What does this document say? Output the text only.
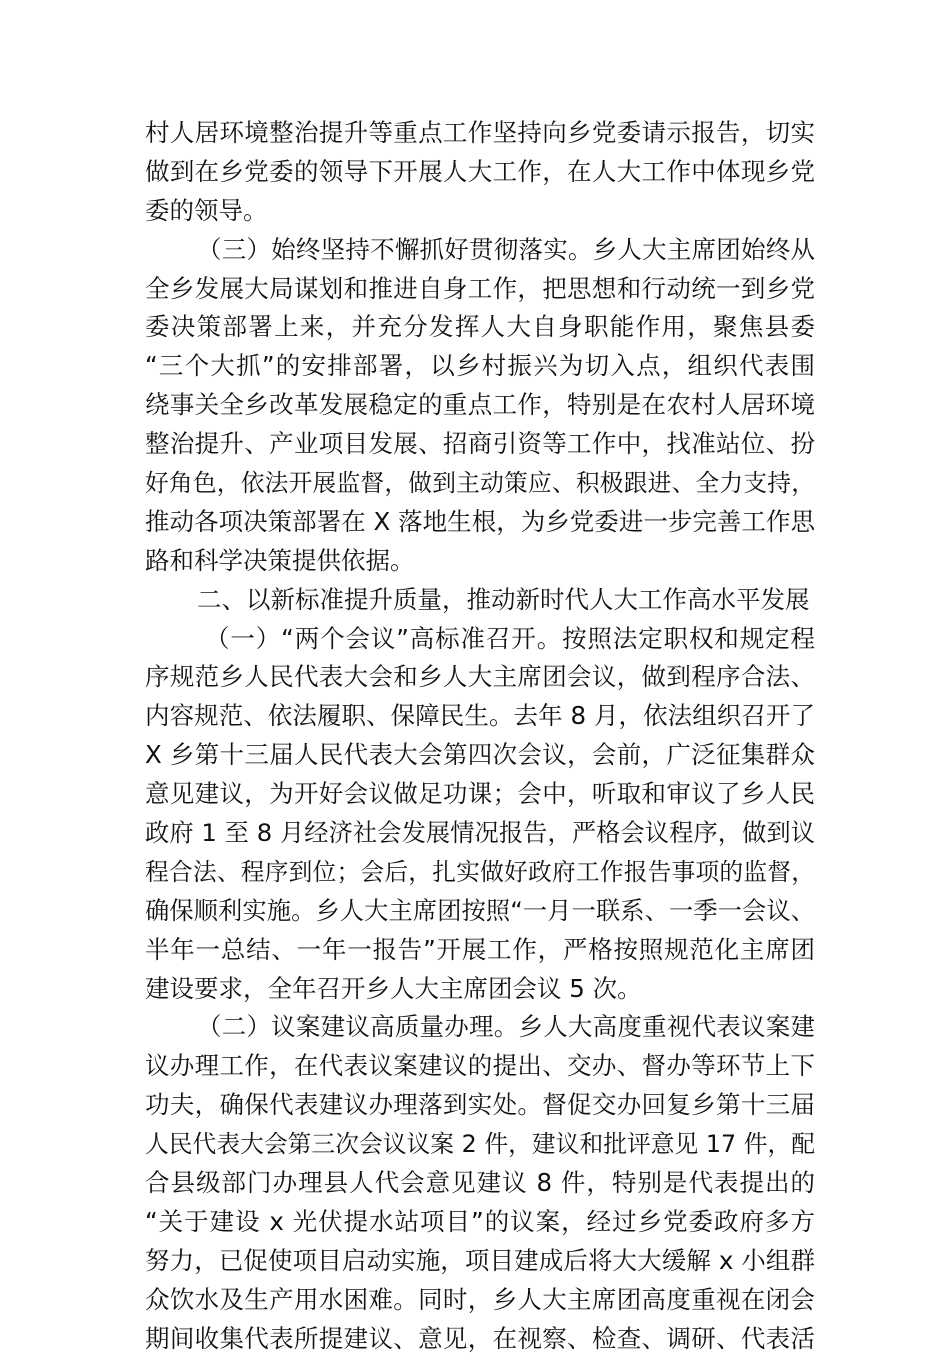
村人居环境整治提升等重点工作坚持向乡党委请示报告，切实
做到在乡党委的领导下开展人大工作，在人大工作中体现乡党
委的领导。
（三）始终坚持不懈抓好贯彻落实。乡人大主席团始终从
全乡发展大局谋划和推进自身工作，把思想和行动统一到乡党
委决策部署上来，并充分发挥人大自身职能作用，聚焦县委
“三个大抓”的安排部署，以乡村振兴为切入点，组织代表围
绕事关全乡改革发展稳定的重点工作，特别是在农村人居环境
整治提升、产业项目发展、招商引资等工作中，找准站位、扮
好角色，依法开展监督，做到主动策应、积极跟进、全力支持，
推动各项决策部署在 X 落地生根，为乡党委进一步完善工作思
路和科学决策提供依据。
二、以新标准提升质量，推动新时代人大工作高水平发展
（一）“两个会议”高标准召开。按照法定职权和规定程
序规范乡人民代表大会和乡人大主席团会议，做到程序合法、
内容规范、依法履职、保障民生。去年 8 月，依法组织召开了
X 乡第十三届人民代表大会第四次会议，会前，广泛征集群众
意见建议，为开好会议做足功课；会中，听取和审议了乡人民
政府 1 至 8 月经济社会发展情况报告，严格会议程序，做到议
程合法、程序到位；会后，扎实做好政府工作报告事项的监督，
确保顺利实施。乡人大主席团按照“一月一联系、一季一会议、
半年一总结、一年一报告”开展工作，严格按照规范化主席团
建设要求，全年召开乡人大主席团会议 5 次。
（二）议案建议高质量办理。乡人大高度重视代表议案建
议办理工作，在代表议案建议的提出、交办、督办等环节上下
功夫，确保代表建议办理落到实处。督促交办回复乡第十三届
人民代表大会第三次会议议案 2 件，建议和批评意见 17 件，配
合县级部门办理县人代会意见建议 8 件，特别是代表提出的
“关于建设 x 光伏提水站项目”的议案，经过乡党委政府多方
努力，已促使项目启动实施，项目建成后将大大缓解 x 小组群
众饮水及生产用水困难。同时，乡人大主席团高度重视在闭会
期间收集代表所提建议、意见，在视察、检查、调研、代表活
